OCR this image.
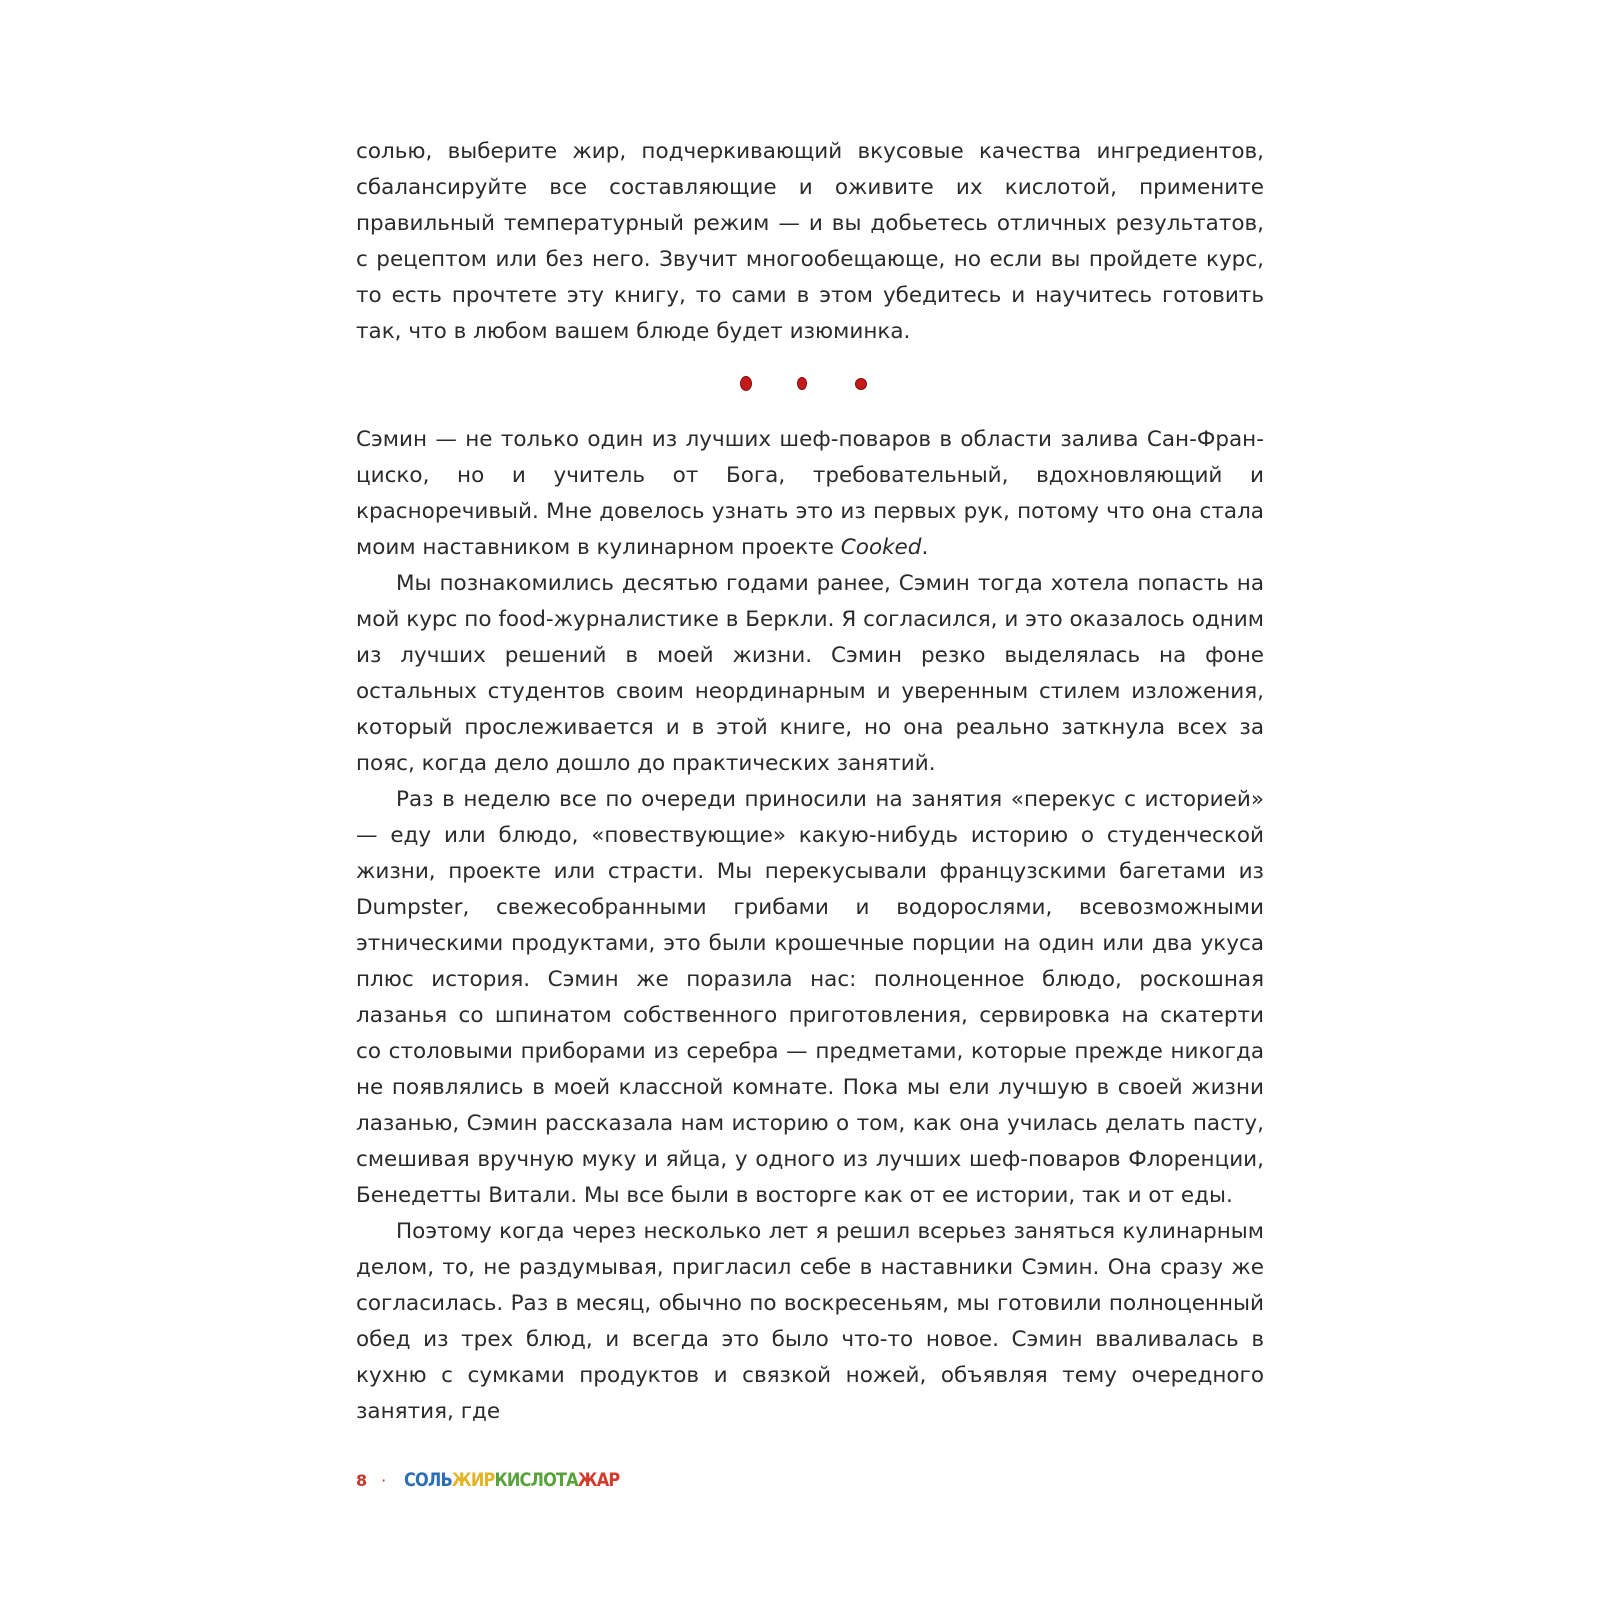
солью, выберите жир, подчеркивающий вкусовые качества ингредиентов, сбалансируйте все составляющие и оживите их кислотой, примените правильный температурный режим — и вы добьетесь отличных результатов, с рецептом или без него. Звучит многообещающе, но если вы пройдете курс, то есть прочтете эту книгу, то сами в этом убедитесь и научитесь готовить так, что в любом вашем блюде будет изюминка.

Сэмин — не только один из лучших шеф-поваров в области залива Сан-Франциско, но и учитель от Бога, требовательный, вдохновляющий и красноречивый. Мне довелось узнать это из первых рук, потому что она стала моим наставником в кулинарном проекте Cooked.

Мы познакомились десятью годами ранее, Сэмин тогда хотела попасть на мой курс по food-журналистике в Беркли. Я согласился, и это оказалось одним из лучших решений в моей жизни. Сэмин резко выделялась на фоне остальных студентов своим неординарным и уверенным стилем изложения, который прослеживается и в этой книге, но она реально заткнула всех за пояс, когда дело дошло до практических занятий.

Раз в неделю все по очереди приносили на занятия «перекус с историей» — еду или блюдо, «повествующие» какую-нибудь историю о студенческой жизни, проекте или страсти. Мы перекусывали французскими багетами из Dumpster, свежесобранными грибами и водорослями, всевозможными этническими продуктами, это были крошечные порции на один или два укуса плюс история. Сэмин же поразила нас: полноценное блюдо, роскошная лазанья со шпинатом собственного приготовления, сервировка на скатерти со столовыми приборами из серебра — предметами, которые прежде никогда не появлялись в моей классной комнате. Пока мы ели лучшую в своей жизни лазанью, Сэмин рассказала нам историю о том, как она училась делать пасту, смешивая вручную муку и яйца, у одного из лучших шеф-поваров Флоренции, Бенедетты Витали. Мы все были в восторге как от ее истории, так и от еды.

Поэтому когда через несколько лет я решил всерьез заняться кулинарным делом, то, не раздумывая, пригласил себе в наставники Сэмин. Она сразу же согласилась. Раз в месяц, обычно по воскресеньям, мы готовили полноценный обед из трех блюд, и всегда это было что-то новое. Сэмин вваливалась в кухню с сумками продуктов и связкой ножей, объявляя тему очередного занятия, где

8 · СОЛЬ ЖИР КИСЛОТА ЖАР
